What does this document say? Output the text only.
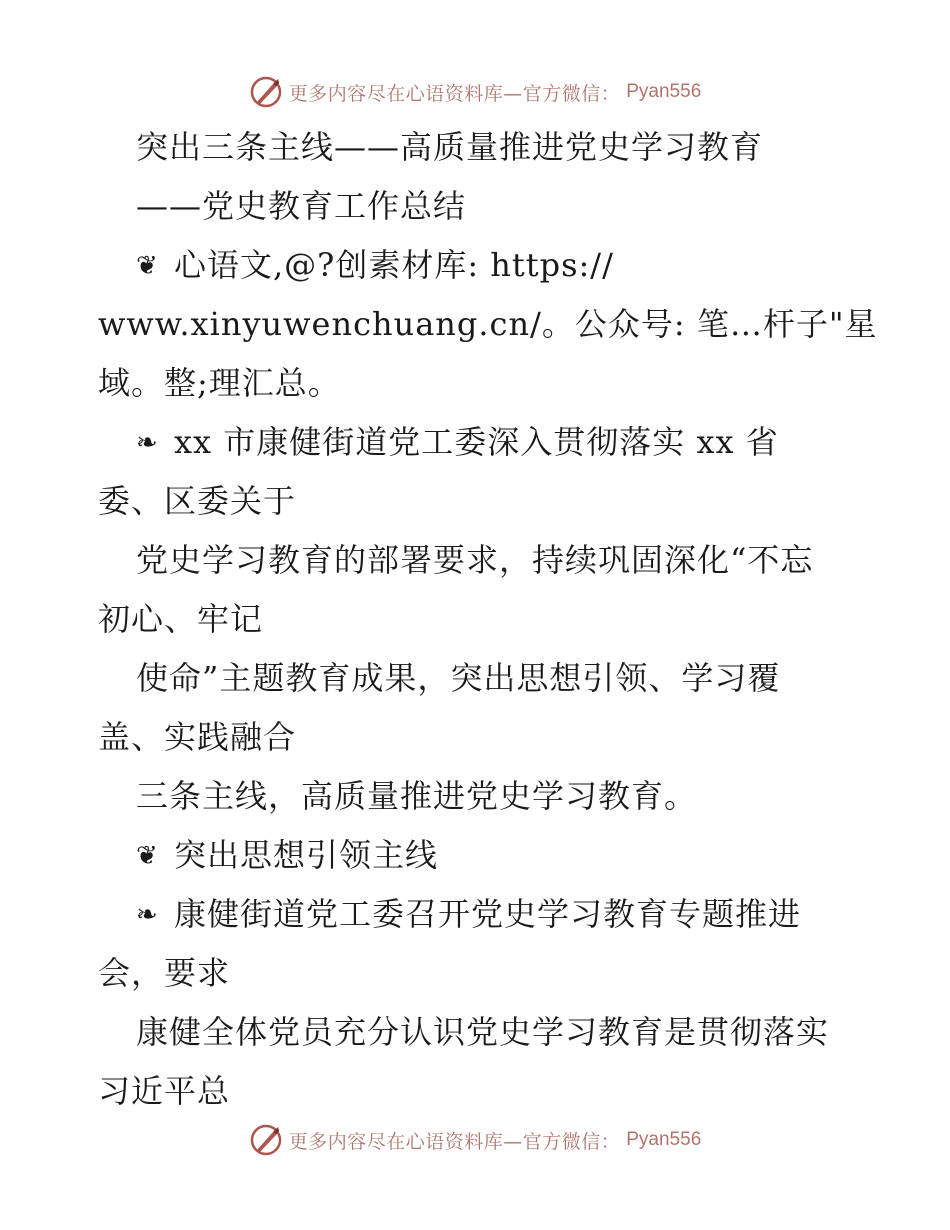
更多内容尽在心语资料库—官方微信： Pyan556
突出三条主线——高质量推进党史学习教育
——党史教育工作总结
❦ 心语文,@?创素材库: https://
www.xinyuwenchuang.cn/。公众号: 笔…杆子"星
域。整;理汇总。
❧ xx 市康健街道党工委深入贯彻落实 xx 省
委、区委关于
党史学习教育的部署要求，持续巩固深化“不忘
初心、牢记
使命”主题教育成果，突出思想引领、学习覆
盖、实践融合
三条主线，高质量推进党史学习教育。
❦ 突出思想引领主线
❧ 康健街道党工委召开党史学习教育专题推进
会，要求
康健全体党员充分认识党史学习教育是贯彻落实
习近平总
更多内容尽在心语资料库—官方微信： Pyan556
